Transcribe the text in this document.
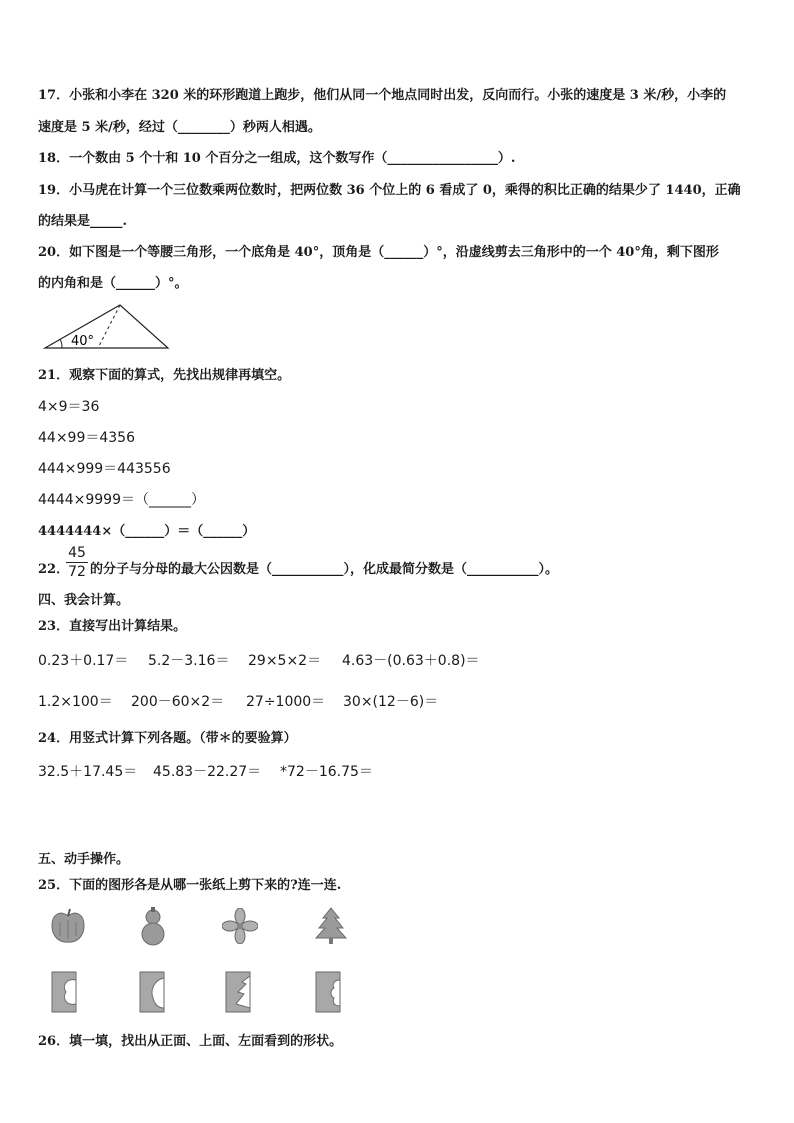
17．小张和小李在 320 米的环形跑道上跑步，他们从同一个地点同时出发，反向而行。小张的速度是 3 米/秒，小李的
速度是 5 米/秒，经过（________）秒两人相遇。
18．一个数由 5 个十和 10 个百分之一组成，这个数写作（_________________）.
19．小马虎在计算一个三位数乘两位数时，把两位数 36 个位上的 6 看成了 0，乘得的积比正确的结果少了 1440，正确
的结果是_____.
20．如下图是一个等腰三角形，一个底角是 40°，顶角是（______）°，沿虚线剪去三角形中的一个 40°角，剩下图形
的内角和是（______）°。
40°
21．观察下面的算式，先找出规律再填空。
4×9＝36
44×99＝4356
444×999＝443556
4444×9999＝（______）
4444444×（______）＝（______）
22．
$\frac{45}{72}$ 的分子与分母的最大公因数是（___________），化成最简分数是（___________）。
四、我会计算。
23．直接写出计算结果。
0.23＋0.17＝ 5.2－3.16＝ 29×5×2＝ 4.63－(0.63＋0.8)＝
1.2×100＝ 200－60×2＝ 27÷1000＝ 30×(12－6)＝
24．用竖式计算下列各题。（带＊的要验算）
32.5＋17.45＝ 45.83－22.27＝ *72－16.75＝
五、动手操作。
25．下面的图形各是从哪一张纸上剪下来的?连一连.
26．填一填，找出从正面、上面、左面看到的形状。
